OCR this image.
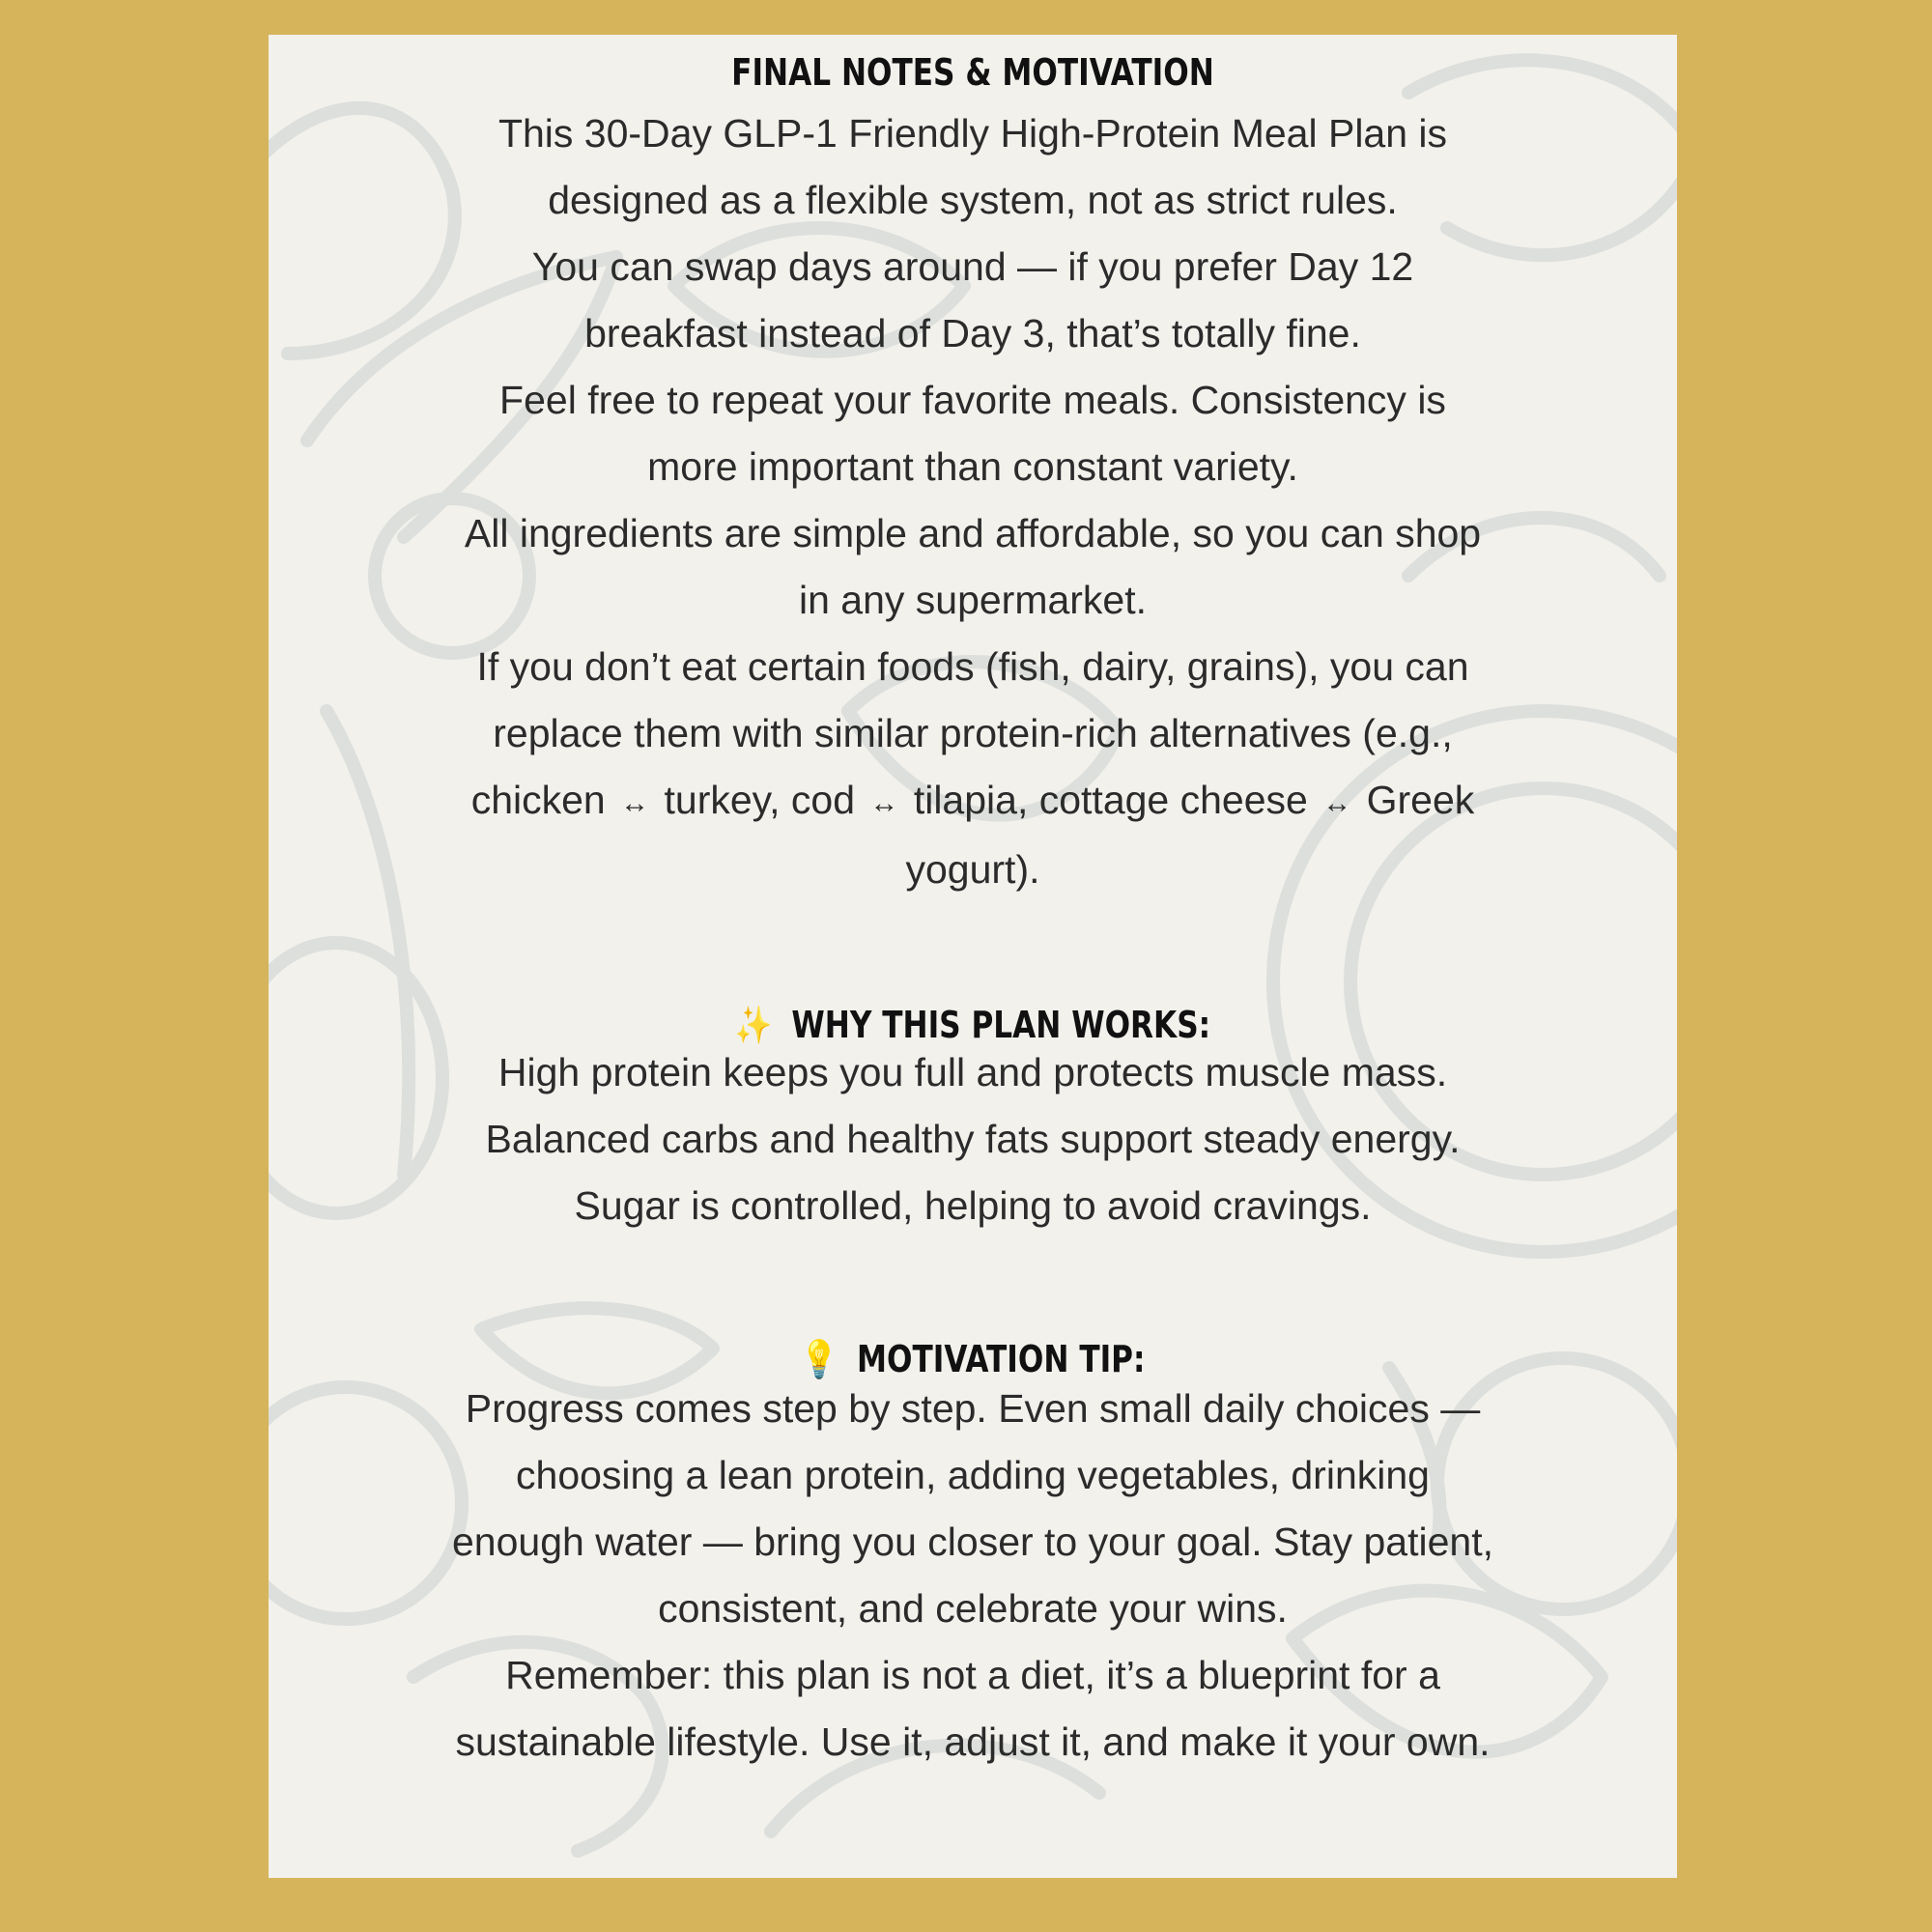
FINAL NOTES & MOTIVATION

This 30-Day GLP-1 Friendly High-Protein Meal Plan is

designed as a flexible system, not as strict rules.

You can swap days around — if you prefer Day 12

breakfast instead of Day 3, that’s totally fine.

Feel free to repeat your favorite meals. Consistency is

more important than constant variety.

All ingredients are simple and affordable, so you can shop

in any supermarket.

If you don’t eat certain foods (fish, dairy, grains), you can

replace them with similar protein-rich alternatives (e.g.,

chicken ↔ turkey, cod ↔ tilapia, cottage cheese ↔ Greek

yogurt).

✨ WHY THIS PLAN WORKS:

High protein keeps you full and protects muscle mass.

Balanced carbs and healthy fats support steady energy.

Sugar is controlled, helping to avoid cravings.

💡 MOTIVATION TIP:

Progress comes step by step. Even small daily choices —

choosing a lean protein, adding vegetables, drinking

enough water — bring you closer to your goal. Stay patient,

consistent, and celebrate your wins.

Remember: this plan is not a diet, it’s a blueprint for a

sustainable lifestyle. Use it, adjust it, and make it your own.
